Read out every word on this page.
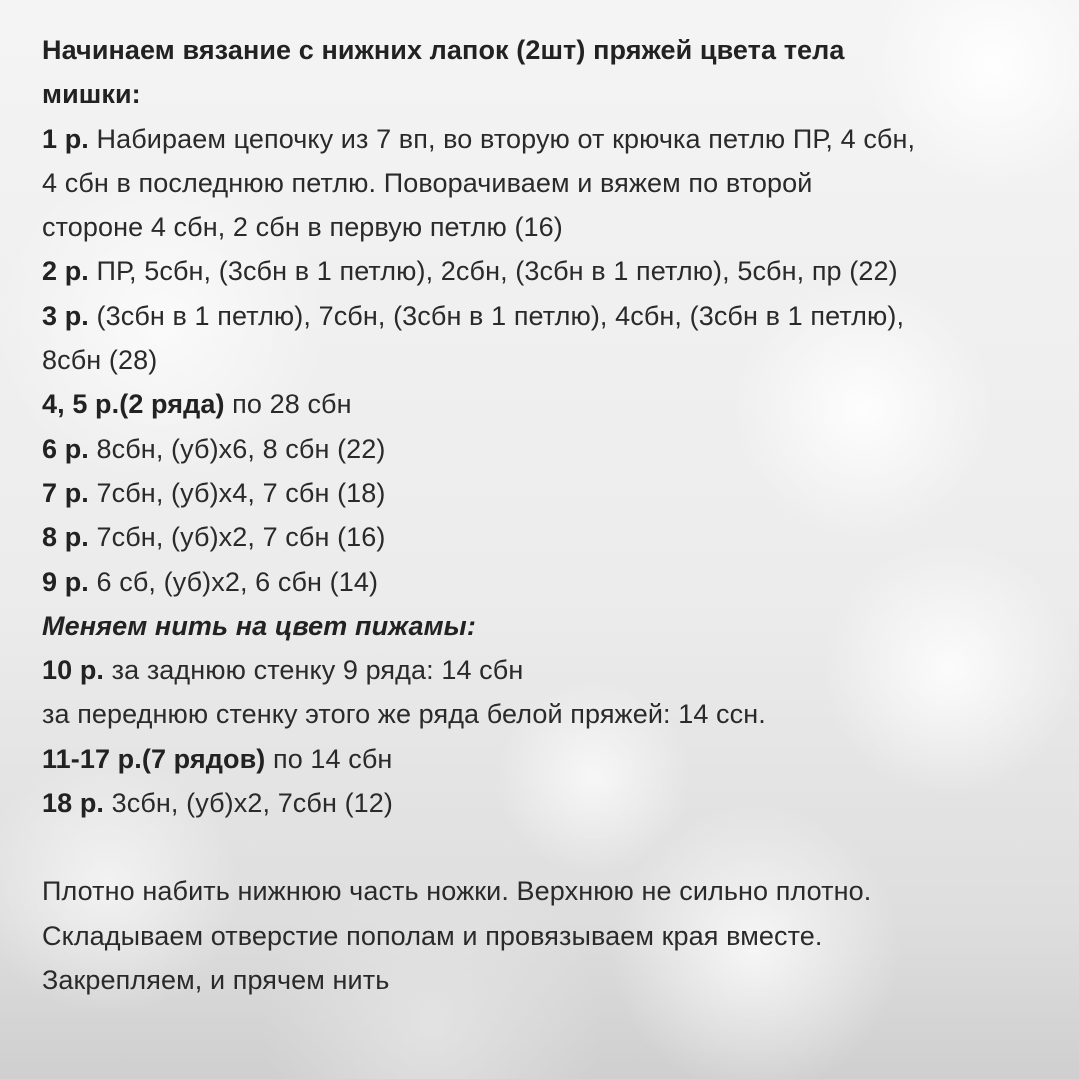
Начинаем вязание с нижних лапок (2шт) пряжей цвета тела
мишки:
1 р. Набираем цепочку из 7 вп, во вторую от крючка петлю ПР, 4 сбн,
4 сбн в последнюю петлю. Поворачиваем и вяжем по второй
стороне 4 сбн, 2 сбн в первую петлю (16)
2 р. ПР, 5сбн, (3сбн в 1 петлю), 2сбн, (3сбн в 1 петлю), 5сбн, пр (22)
3 р. (3сбн в 1 петлю), 7сбн, (3сбн в 1 петлю), 4сбн, (3сбн в 1 петлю),
8сбн (28)
4, 5 р.(2 ряда) по 28 сбн
6 р. 8сбн, (уб)х6, 8 сбн (22)
7 р. 7сбн, (уб)х4, 7 сбн (18)
8 р. 7сбн, (уб)х2, 7 сбн (16)
9 р. 6 сб, (уб)х2, 6 сбн (14)
Меняем нить на цвет пижамы:
10 р. за заднюю стенку 9 ряда: 14 сбн
за переднюю стенку этого же ряда белой пряжей: 14 ссн.
11-17 р.(7 рядов) по 14 сбн
18 р. 3сбн, (уб)х2, 7сбн (12)
Плотно набить нижнюю часть ножки. Верхнюю не сильно плотно.
Складываем отверстие пополам и провязываем края вместе.
Закрепляем, и прячем нить
